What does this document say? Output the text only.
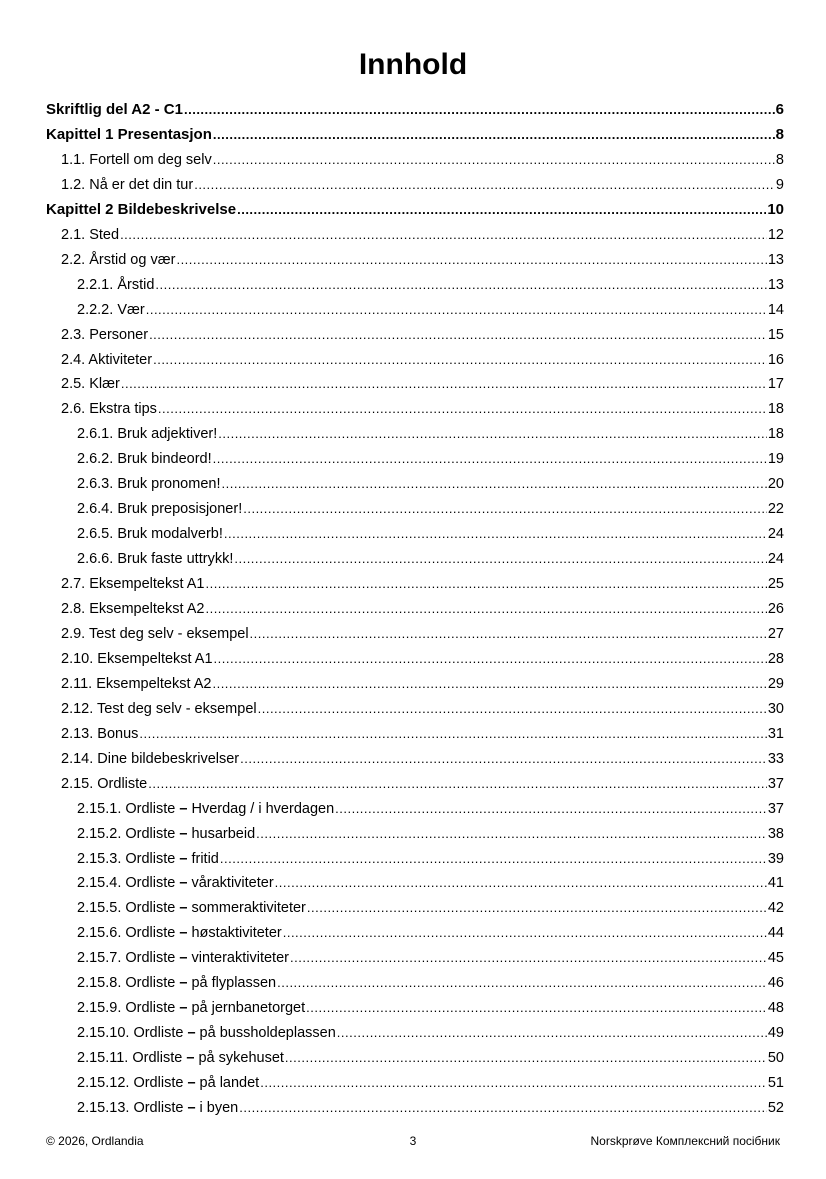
Innhold
Skriftlig del A2 - C1 .....	6
Kapittel 1 Presentasjon .....	8
1.1. Fortell om deg selv .....	8
1.2. Nå er det din tur .....	9
Kapittel 2 Bildebeskrivelse .....	10
2.1. Sted .....	12
2.2. Årstid og vær .....	13
2.2.1. Årstid .....	13
2.2.2. Vær .....	14
2.3. Personer .....	15
2.4. Aktiviteter .....	16
2.5. Klær .....	17
2.6. Ekstra tips .....	18
2.6.1. Bruk adjektiver! .....	18
2.6.2. Bruk bindeord! .....	19
2.6.3. Bruk pronomen! .....	20
2.6.4. Bruk preposisjoner! .....	22
2.6.5. Bruk modalverb! .....	24
2.6.6. Bruk faste uttrykk! .....	24
2.7. Eksempeltekst A1 .....	25
2.8. Eksempeltekst A2 .....	26
2.9. Test deg selv - eksempel .....	27
2.10. Eksempeltekst A1 .....	28
2.11. Eksempeltekst A2 .....	29
2.12. Test deg selv - eksempel .....	30
2.13. Bonus .....	31
2.14. Dine bildebeskrivelser .....	33
2.15. Ordliste .....	37
2.15.1. Ordliste – Hverdag / i hverdagen .....	37
2.15.2. Ordliste – husarbeid .....	38
2.15.3. Ordliste – fritid .....	39
2.15.4. Ordliste – våraktiviteter .....	41
2.15.5. Ordliste – sommeraktiviteter .....	42
2.15.6. Ordliste – høstaktiviteter .....	44
2.15.7. Ordliste – vinteraktiviteter .....	45
2.15.8. Ordliste – på flyplassen .....	46
2.15.9. Ordliste – på jernbanetorget .....	48
2.15.10. Ordliste – på bussholdeplassen .....	49
2.15.11. Ordliste – på sykehuset .....	50
2.15.12. Ordliste – på landet .....	51
2.15.13. Ordliste – i byen .....	52
© 2026, Ordlandia	3	Norskprøve Комплексний посібник
